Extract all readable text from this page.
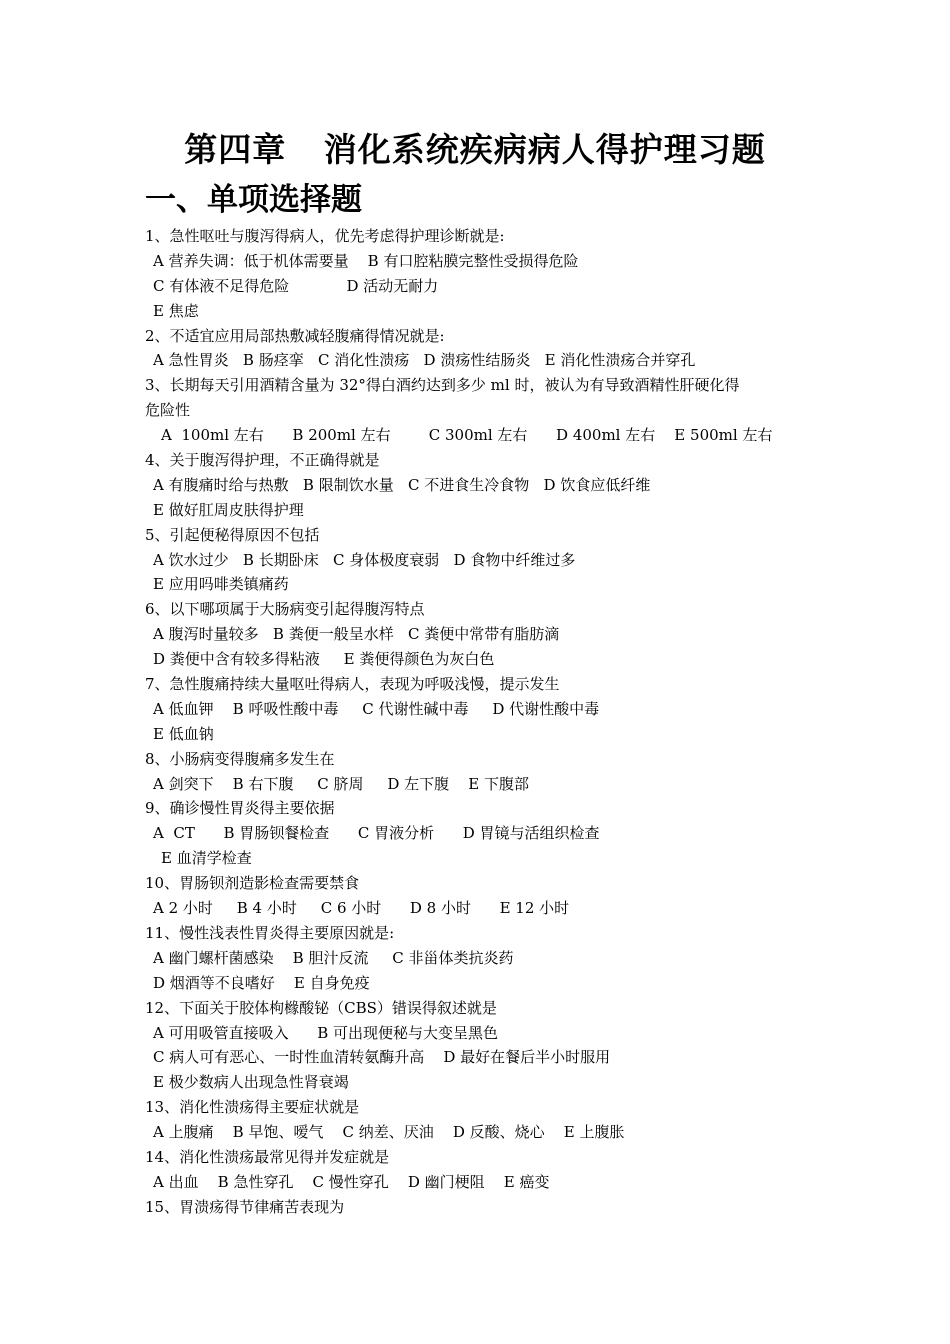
第四章   消化系统疾病病人得护理习题
一、单项选择题
1、急性呕吐与腹泻得病人，优先考虑得护理诊断就是:
A 营养失调：低于机体需要量    B 有口腔粘膜完整性受损得危险
C 有体液不足得危险            D 活动无耐力
E 焦虑
2、不适宜应用局部热敷减轻腹痛得情况就是:
A 急性胃炎   B 肠痉挛   C 消化性溃疡   D 溃疡性结肠炎   E 消化性溃疡合并穿孔
3、长期每天引用酒精含量为 32°得白酒约达到多少 ml 时，被认为有导致酒精性肝硬化得
危险性
A  100ml 左右      B 200ml 左右        C 300ml 左右      D 400ml 左右    E 500ml 左右
4、关于腹泻得护理，不正确得就是
A 有腹痛时给与热敷   B 限制饮水量   C 不进食生冷食物   D 饮食应低纤维
E 做好肛周皮肤得护理
5、引起便秘得原因不包括
A 饮水过少   B 长期卧床   C 身体极度衰弱   D 食物中纤维过多
E 应用吗啡类镇痛药
6、以下哪项属于大肠病变引起得腹泻特点
A 腹泻时量较多   B 粪便一般呈水样   C 粪便中常带有脂肪滴
D 粪便中含有较多得粘液     E 粪便得颜色为灰白色
7、急性腹痛持续大量呕吐得病人，表现为呼吸浅慢，提示发生
A 低血钾    B 呼吸性酸中毒     C 代谢性碱中毒     D 代谢性酸中毒
E 低血钠
8、小肠病变得腹痛多发生在
A 剑突下    B 右下腹     C 脐周     D 左下腹    E 下腹部
9、确诊慢性胃炎得主要依据
A  CT      B 胃肠钡餐检查      C 胃液分析      D 胃镜与活组织检查
E 血清学检查
10、胃肠钡剂造影检查需要禁食
A 2 小时     B 4 小时     C 6 小时      D 8 小时      E 12 小时
11、慢性浅表性胃炎得主要原因就是:
A 幽门螺杆菌感染    B 胆汁反流     C 非甾体类抗炎药
D 烟酒等不良嗜好    E 自身免疫
12、下面关于胶体枸橼酸铋（CBS）错误得叙述就是
A 可用吸管直接吸入      B 可出现便秘与大变呈黑色
C 病人可有恶心、一时性血清转氨酶升高    D 最好在餐后半小时服用
E 极少数病人出现急性肾衰竭
13、消化性溃疡得主要症状就是
A 上腹痛    B 早饱、嗳气    C 纳差、厌油    D 反酸、烧心    E 上腹胀
14、消化性溃疡最常见得并发症就是
A 出血    B 急性穿孔    C 慢性穿孔    D 幽门梗阻    E 癌变
15、胃溃疡得节律痛苦表现为
